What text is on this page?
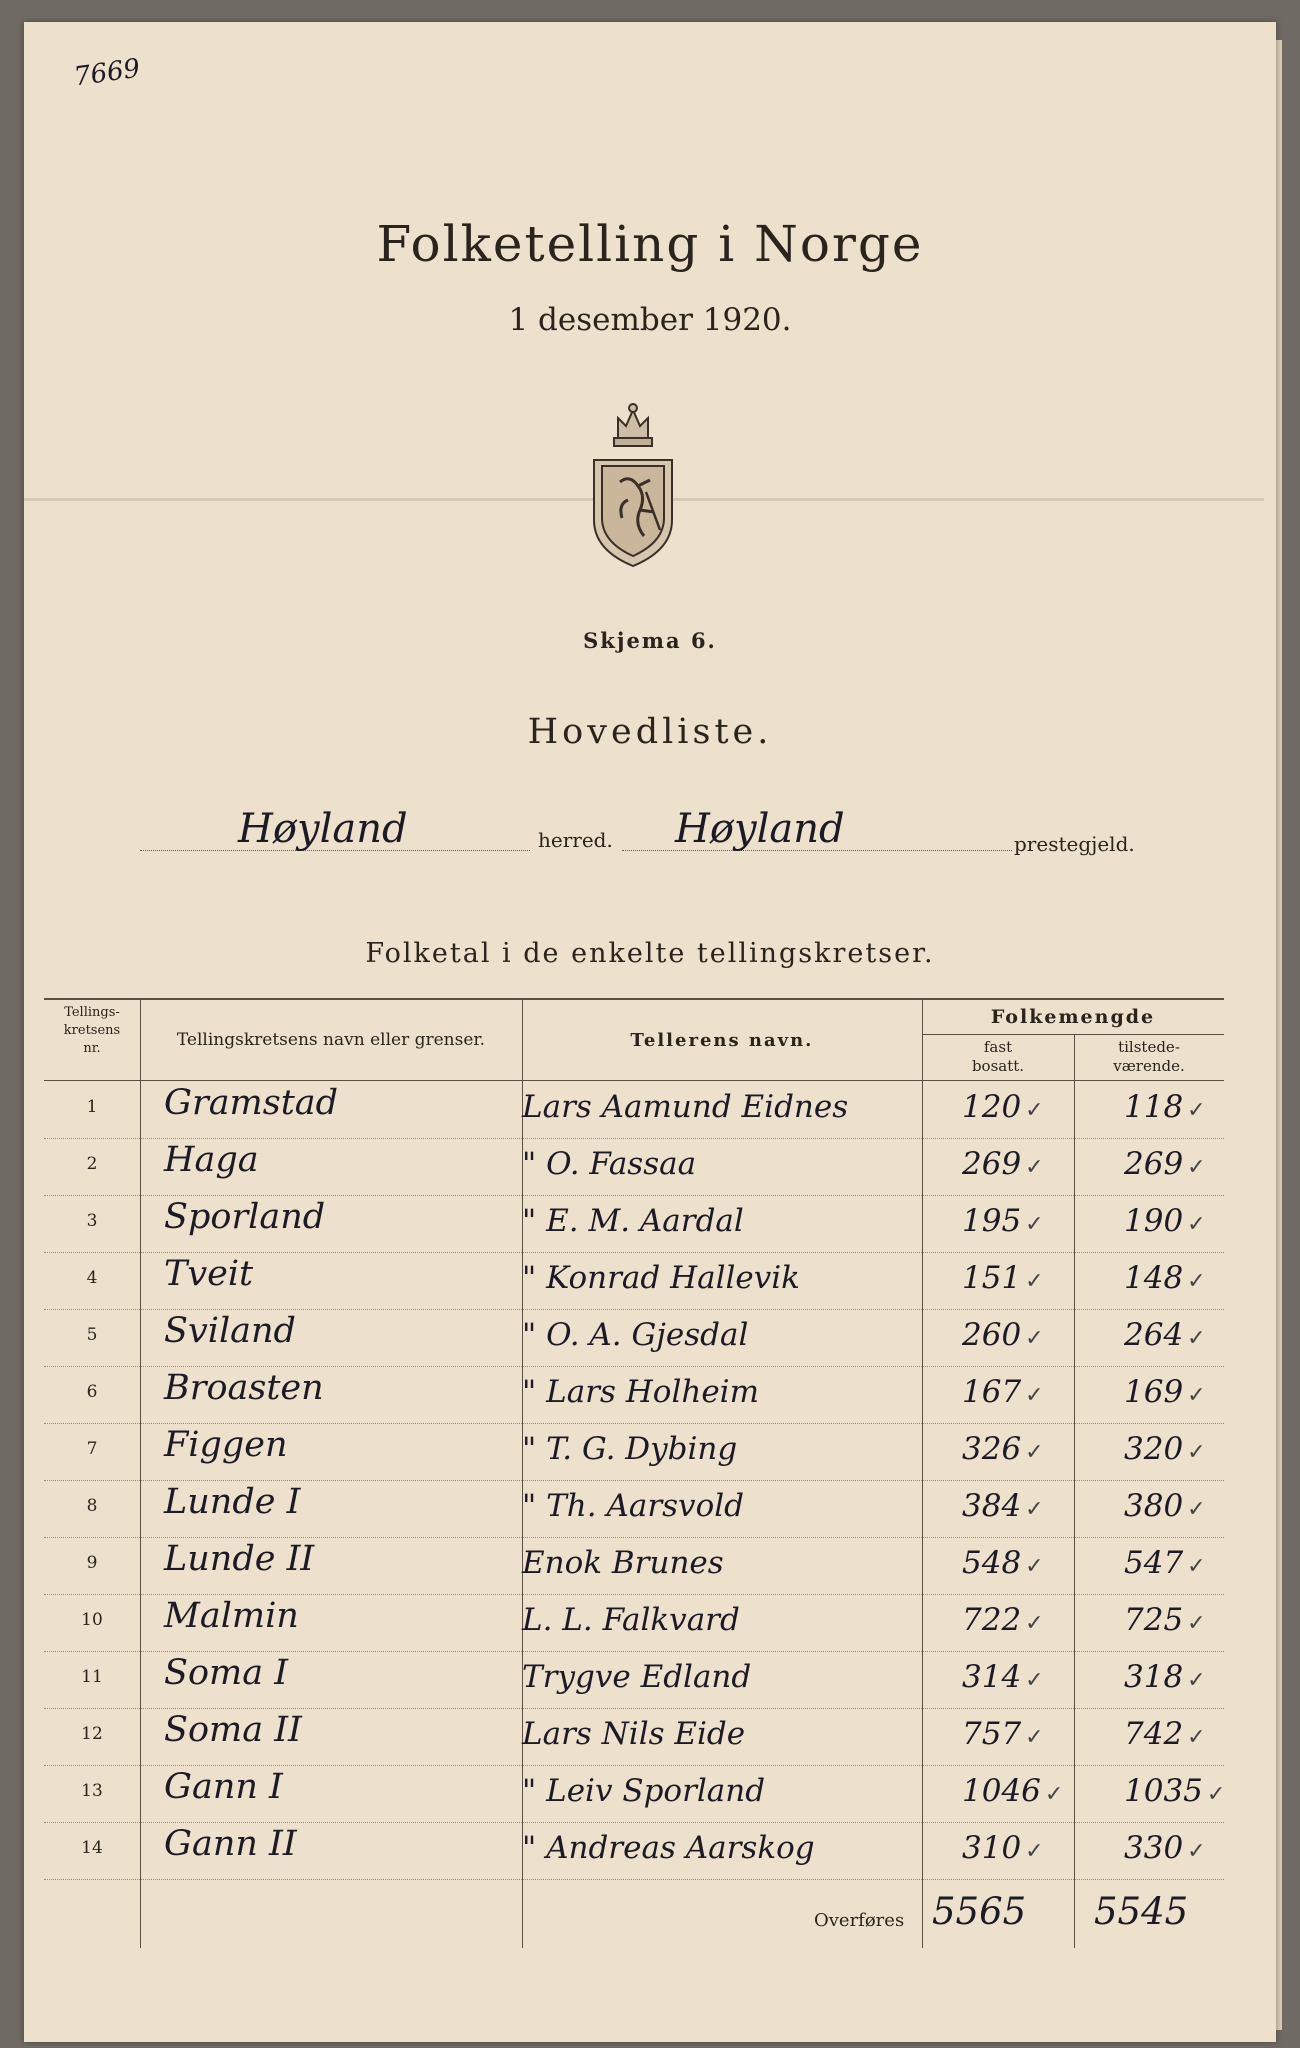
7669
Folketelling i Norge
1 desember 1920.
Skjema 6.
Hovedliste.
Høyland	herred. Høyland	prestegjeld.
Folketal i de enkelte tellingskretser.
Tellings-
kretsens
nr.	Tellingskretsens navn eller grenser.	Tellerens navn.
Folkemengde
fast
bosatt.
tilstede-
værende.
1	Gramstad	Lars Aamund Eidnes	120 ✓	118 ✓
2	Haga	" O. Fassaa	269 ✓	269 ✓
3	Sporland	" E. M. Aardal	195 ✓	190 ✓
4	Tveit	" Konrad Hallevik	151 ✓	148 ✓
5	Sviland	" O. A. Gjesdal	260 ✓	264 ✓
6	Broasten	" Lars Holheim	167 ✓	169 ✓
7	Figgen	" T. G. Dybing	326 ✓	320 ✓
8	Lunde I	" Th. Aarsvold	384 ✓	380 ✓
9	Lunde II	Enok Brunes	548 ✓	547 ✓
10	Malmin	L. L. Falkvard	722 ✓	725 ✓
11	Soma I	Trygve Edland	314 ✓	318 ✓
12	Soma II	Lars Nils Eide	757 ✓	742 ✓
13	Gann I	" Leiv Sporland	1046 ✓ 1035 ✓
14	Gann II	" Andreas Aarskog	310 ✓	330 ✓
Overføres 5565 5545
